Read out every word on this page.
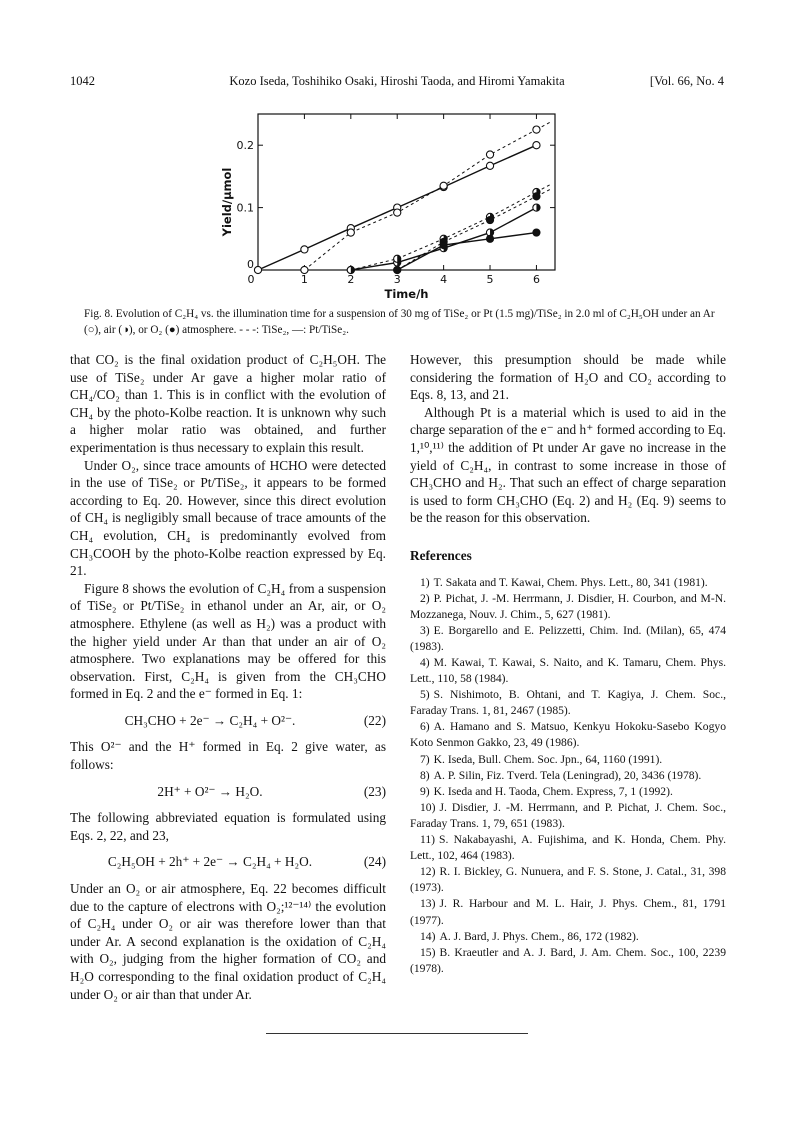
1042	Kozo Iseda, Toshihiko Osaki, Hiroshi Taoda, and Hiromi Yamakita	[Vol. 66, No. 4
0	1	2	3	4	5	6
0
0.1
0.2
Time/h
Yield/μmol
Fig. 8. Evolution of C₂H₄ vs. the illumination time for a suspension of 30 mg of TiSe₂ or Pt (1.5 mg)/TiSe₂ in 2.0 ml of C₂H₅OH under an Ar (○), air (◑), or O₂ (●) atmosphere. - - -: TiSe₂, —: Pt/TiSe₂.

that CO₂ is the final oxidation product of C₂H₅OH. The use of TiSe₂ under Ar gave a higher molar ratio of CH₄/CO₂ than 1. This is in conflict with the evolution of CH₄ by the photo-Kolbe reaction. It is unknown why such a higher molar ratio was obtained, and further experimentation is thus necessary to explain this result.

Under O₂, since trace amounts of HCHO were detected in the use of TiSe₂ or Pt/TiSe₂, it appears to be formed according to Eq. 20. However, since this direct evolution of CH₄ is negligibly small because of trace amounts of the CH₄ evolution, CH₄ is predominantly evolved from CH₃COOH by the photo-Kolbe reaction expressed by Eq. 21.

Figure 8 shows the evolution of C₂H₄ from a suspension of TiSe₂ or Pt/TiSe₂ in ethanol under an Ar, air, or O₂ atmosphere. Ethylene (as well as H₂) was a product with the higher yield under Ar than that under an air of O₂ atmosphere. Two explanations may be offered for this observation. First, C₂H₄ is given from the CH₃CHO formed in Eq. 2 and the e⁻ formed in Eq. 1:

CH₃CHO + 2e⁻ → C₂H₄ + O²⁻.	(22)

This O²⁻ and the H⁺ formed in Eq. 2 give water, as follows:

2H⁺ + O²⁻ → H₂O.	(23)

The following abbreviated equation is formulated using Eqs. 2, 22, and 23,

C₂H₅OH + 2h⁺ + 2e⁻ → C₂H₄ + H₂O.	(24)

Under an O₂ or air atmosphere, Eq. 22 becomes difficult due to the capture of electrons with O₂;¹²⁻¹⁴⁾ the evolution of C₂H₄ under O₂ or air was therefore lower than that under Ar. A second explanation is the oxidation of C₂H₄ with O₂, judging from the higher formation of CO₂ and H₂O corresponding to the final oxidation product of C₂H₄ under O₂ or air than that under Ar.

However, this presumption should be made while considering the formation of H₂O and CO₂ according to Eqs. 8, 13, and 21.

Although Pt is a material which is used to aid in the charge separation of the e⁻ and h⁺ formed according to Eq. 1,¹⁰,¹¹⁾ the addition of Pt under Ar gave no increase in the yield of C₂H₄, in contrast to some increase in those of CH₃CHO and H₂. That such an effect of charge separation is used to form CH₃CHO (Eq. 2) and H₂ (Eq. 9) seems to be the reason for this observation.

References
1) T. Sakata and T. Kawai, Chem. Phys. Lett., 80, 341 (1981).
2) P. Pichat, J. -M. Herrmann, J. Disdier, H. Courbon, and M-N. Mozzanega, Nouv. J. Chim., 5, 627 (1981).
3) E. Borgarello and E. Pelizzetti, Chim. Ind. (Milan), 65, 474 (1983).
4) M. Kawai, T. Kawai, S. Naito, and K. Tamaru, Chem. Phys. Lett., 110, 58 (1984).
5) S. Nishimoto, B. Ohtani, and T. Kagiya, J. Chem. Soc., Faraday Trans. 1, 81, 2467 (1985).
6) A. Hamano and S. Matsuo, Kenkyu Hokoku-Sasebo Kogyo Koto Senmon Gakko, 23, 49 (1986).
7) K. Iseda, Bull. Chem. Soc. Jpn., 64, 1160 (1991).
8) A. P. Silin, Fiz. Tverd. Tela (Leningrad), 20, 3436 (1978).
9) K. Iseda and H. Taoda, Chem. Express, 7, 1 (1992).
10) J. Disdier, J. -M. Herrmann, and P. Pichat, J. Chem. Soc., Faraday Trans. 1, 79, 651 (1983).
11) S. Nakabayashi, A. Fujishima, and K. Honda, Chem. Phy. Lett., 102, 464 (1983).
12) R. I. Bickley, G. Nunuera, and F. S. Stone, J. Catal., 31, 398 (1973).
13) J. R. Harbour and M. L. Hair, J. Phys. Chem., 81, 1791 (1977).
14) A. J. Bard, J. Phys. Chem., 86, 172 (1982).
15) B. Kraeutler and A. J. Bard, J. Am. Chem. Soc., 100, 2239 (1978).
